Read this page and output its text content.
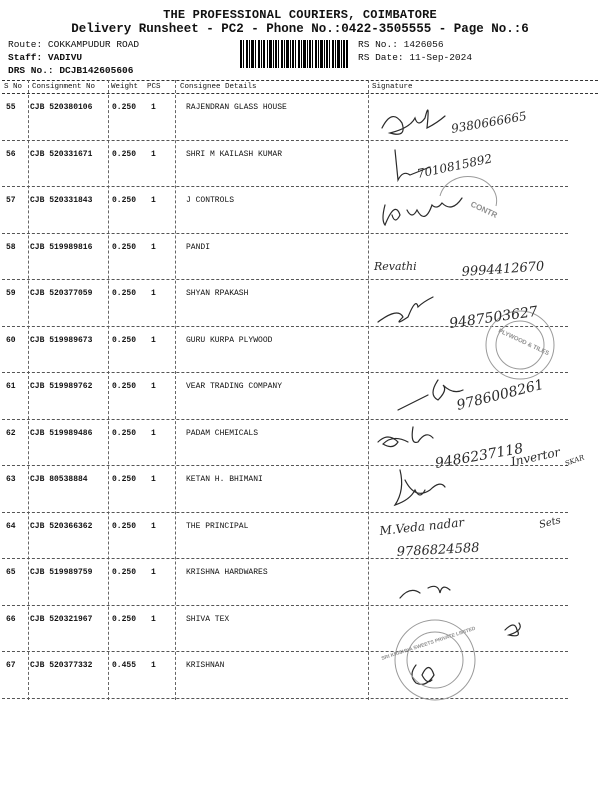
THE PROFESSIONAL COURIERS, COIMBATORE
Delivery Runsheet - PC2 - Phone No.:0422-3505555 - Page No.:6
Route: COKKAMPUDUR ROAD
Staff: VADIVU
DRS No.: DCJB142605606
RS No.: 1426056
RS Date: 11-Sep-2024
S No Consignment No Weight PCS	Consignee Details	Signature
55 CJB 520380106 0.250 1	RAJENDRAN GLASS HOUSE
56 CJB 520331671 0.250 1	SHRI M KAILASH KUMAR
57 CJB 520331843 0.250 1	J CONTROLS
58 CJB 519989816 0.250 1	PANDI
59 CJB 520377059 0.250 1	SHYAN RPAKASH
60 CJB 519989673 0.250 1	GURU KURPA PLYWOOD
61 CJB 519989762 0.250 1	VEAR TRADING COMPANY
62 CJB 519989486 0.250 1	PADAM CHEMICALS
63 CJB 80538884	0.250 1	KETAN H. BHIMANI
64 CJB 520366362 0.250 1	THE PRINCIPAL
65 CJB 519989759 0.250 1	KRISHNA HARDWARES
66 CJB 520321967 0.250 1	SHIVA TEX
67 CJB 520377332 0.455 1	KRISHNAN
CONTR
PLYWOOD & TILES
SRI KRISHNA SWEETS PRIVATE LIMITED
9380666665
7010815892
Revathi	9994412670
9487503627
9786008261
9486237118
Invertor SKAR
M.Veda nadar	Sets
9786824588
